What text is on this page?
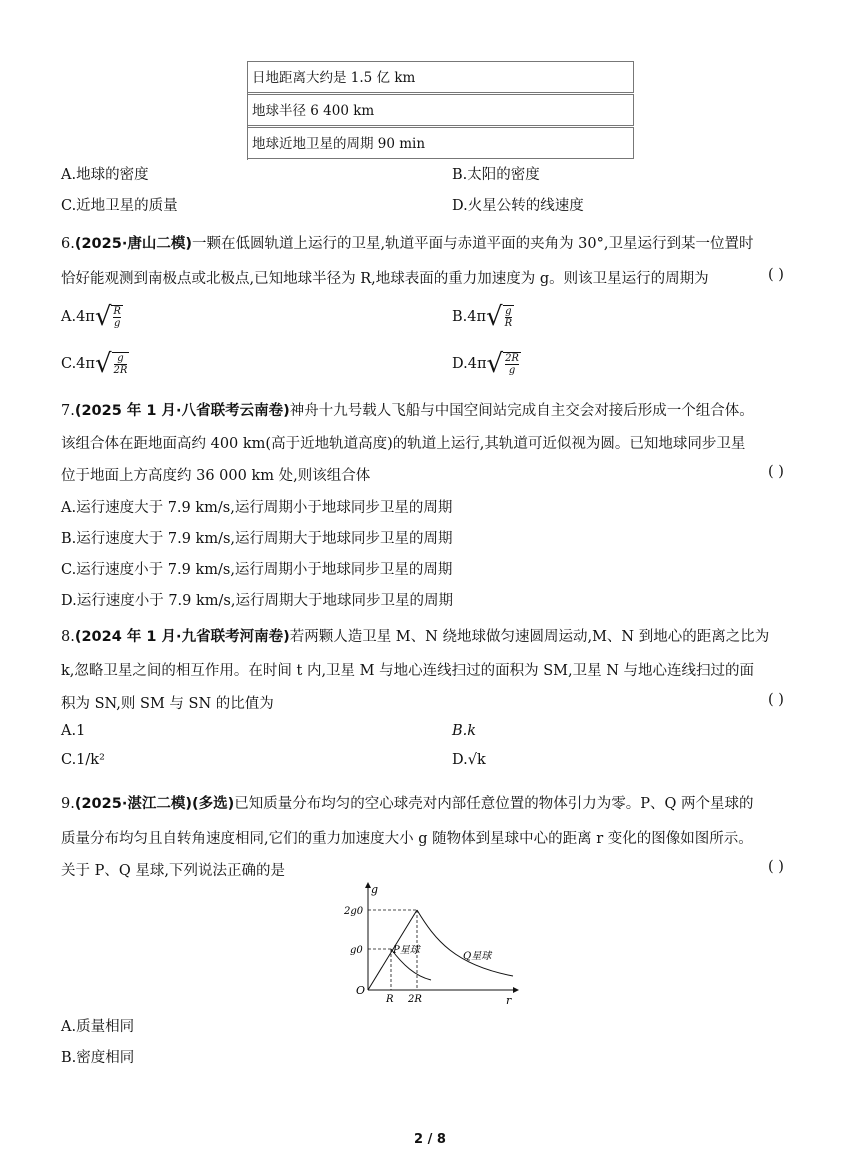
日地距离大约是 1.5 亿 km
地球半径 6 400 km
地球近地卫星的周期 90 min
A.地球的密度	B.太阳的密度
C.近地卫星的质量	D.火星公转的线速度
6.(2025·唐山二模)一颗在低圆轨道上运行的卫星,轨道平面与赤道平面的夹角为 30°,卫星运行到某一位置时
恰好能观测到南极点或北极点,已知地球半径为 R,地球表面的重力加速度为 g。则该卫星运行的周期为	( )
$A.4\pi√ \frac{R}{g}$	$B.4\pi√ \frac{g}{R}$
$C.4\pi√ \frac{g}{2R}$	$D.4\pi√ \frac{2R}{g}$
7.(2025 年 1 月·八省联考云南卷)神舟十九号载人飞船与中国空间站完成自主交会对接后形成一个组合体。
该组合体在距地面高约 400 km(高于近地轨道高度)的轨道上运行,其轨道可近似视为圆。已知地球同步卫星
位于地面上方高度约 36 000 km 处,则该组合体	( )
A.运行速度大于 7.9 km/s,运行周期小于地球同步卫星的周期
B.运行速度大于 7.9 km/s,运行周期大于地球同步卫星的周期
C.运行速度小于 7.9 km/s,运行周期小于地球同步卫星的周期
D.运行速度小于 7.9 km/s,运行周期大于地球同步卫星的周期
8.(2024 年 1 月·九省联考河南卷)若两颗人造卫星 M、N 绕地球做匀速圆周运动,M、N 到地心的距离之比为
k,忽略卫星之间的相互作用。在时间 t 内,卫星 M 与地心连线扫过的面积为 SM,卫星 N 与地心连线扫过的面
积为 SN,则 SM 与 SN 的比值为	( )
A.1	B.k
C.1/k²	D.√k
9.(2025·湛江二模)(多选)已知质量分布均匀的空心球壳对内部任意位置的物体引力为零。P、Q 两个星球的
质量分布均匀且自转角速度相同,它们的重力加速度大小 g 随物体到星球中心的距离 r 变化的图像如图所示。
关于 P、Q 星球,下列说法正确的是	( )
g
r
O
2g0
g0
R 2R
P星球
Q星球
A.质量相同
B.密度相同
2 / 8
